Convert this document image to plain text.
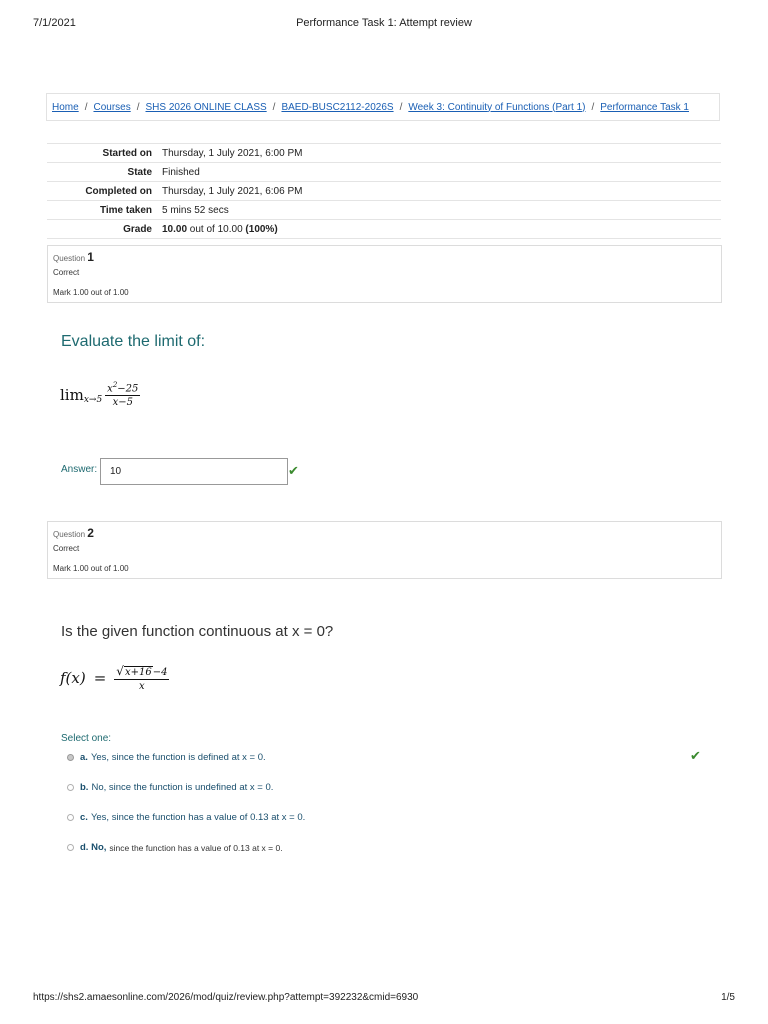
7/1/2021	Performance Task 1: Attempt review
Home / Courses / SHS 2026 ONLINE CLASS / BAED-BUSC2112-2026S / Week 3: Continuity of Functions (Part 1) / Performance Task 1
Started on	Thursday, 1 July 2021, 6:00 PM
State	Finished
Completed on	Thursday, 1 July 2021, 6:06 PM
Time taken	5 mins 52 secs
Grade	10.00 out of 10.00 (100%)
Question 1
Correct
Mark 1.00 out of 1.00
Evaluate the limit of:
$\lim x\to 5 \frac{x^2-25}{x-5}$
Answer:
10	✔
Question 2
Correct
Mark 1.00 out of 1.00
Is the given function continuous at x = 0?
$f(x) = \frac{√x+16-4}{x}$
Select one:
a. Yes, since the function is defined at x = 0.	✔
b. No, since the function is undefined at x = 0.
c. Yes, since the function has a value of 0.13 at x = 0.
d. No, since the function has a value of 0.13 at x = 0.
https://shs2.amaesonline.com/2026/mod/quiz/review.php?attempt=392232&cmid=6930	1/5
